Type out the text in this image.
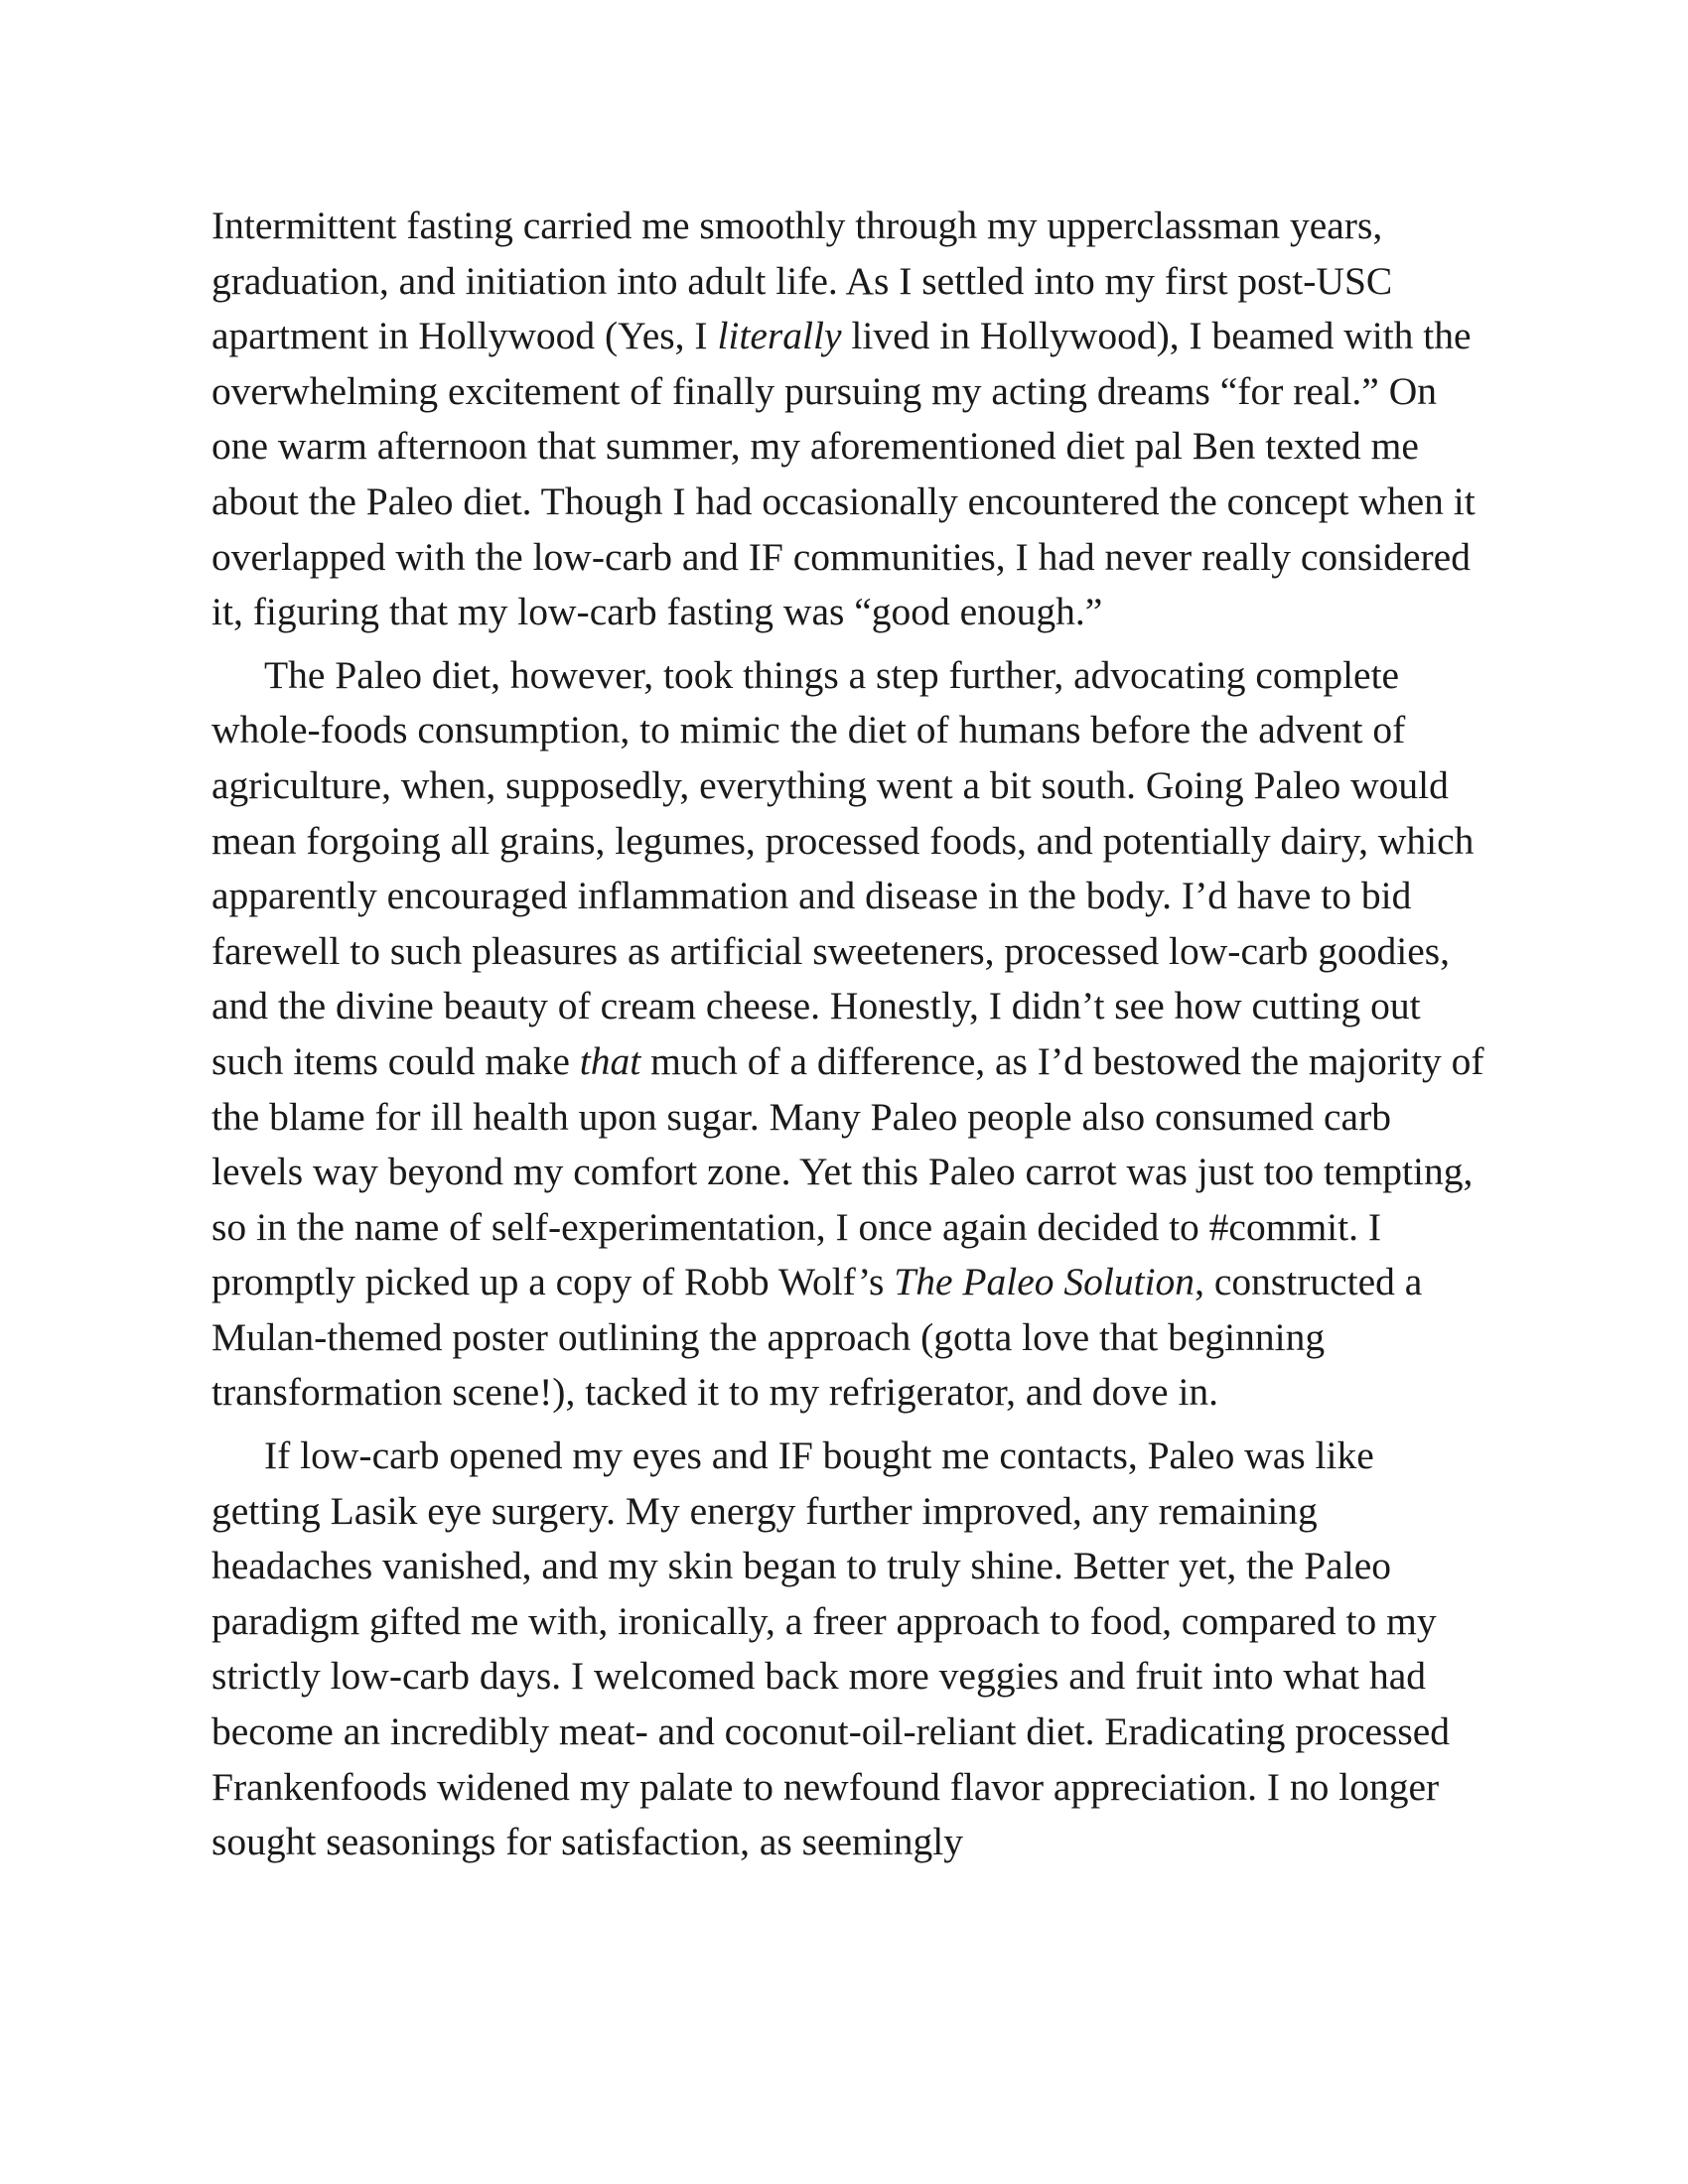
Intermittent fasting carried me smoothly through my upperclassman years, graduation, and initiation into adult life. As I settled into my first post-USC apartment in Hollywood (Yes, I literally lived in Hollywood), I beamed with the overwhelming excitement of finally pursuing my acting dreams “for real.” On one warm afternoon that summer, my aforementioned diet pal Ben texted me about the Paleo diet. Though I had occasionally encountered the concept when it overlapped with the low-carb and IF communities, I had never really considered it, figuring that my low-carb fasting was “good enough.”

The Paleo diet, however, took things a step further, advocating complete whole-foods consumption, to mimic the diet of humans before the advent of agriculture, when, supposedly, everything went a bit south. Going Paleo would mean forgoing all grains, legumes, processed foods, and potentially dairy, which apparently encouraged inflammation and disease in the body. I’d have to bid farewell to such pleasures as artificial sweeteners, processed low-carb goodies, and the divine beauty of cream cheese. Honestly, I didn’t see how cutting out such items could make that much of a difference, as I’d bestowed the majority of the blame for ill health upon sugar. Many Paleo people also consumed carb levels way beyond my comfort zone. Yet this Paleo carrot was just too tempting, so in the name of self-experimentation, I once again decided to #commit. I promptly picked up a copy of Robb Wolf’s The Paleo Solution, constructed a Mulan-themed poster outlining the approach (gotta love that beginning transformation scene!), tacked it to my refrigerator, and dove in.

If low-carb opened my eyes and IF bought me contacts, Paleo was like getting Lasik eye surgery. My energy further improved, any remaining headaches vanished, and my skin began to truly shine. Better yet, the Paleo paradigm gifted me with, ironically, a freer approach to food, compared to my strictly low-carb days. I welcomed back more veggies and fruit into what had become an incredibly meat- and coconut-oil-reliant diet. Eradicating processed Frankenfoods widened my palate to newfound flavor appreciation. I no longer sought seasonings for satisfaction, as seemingly
